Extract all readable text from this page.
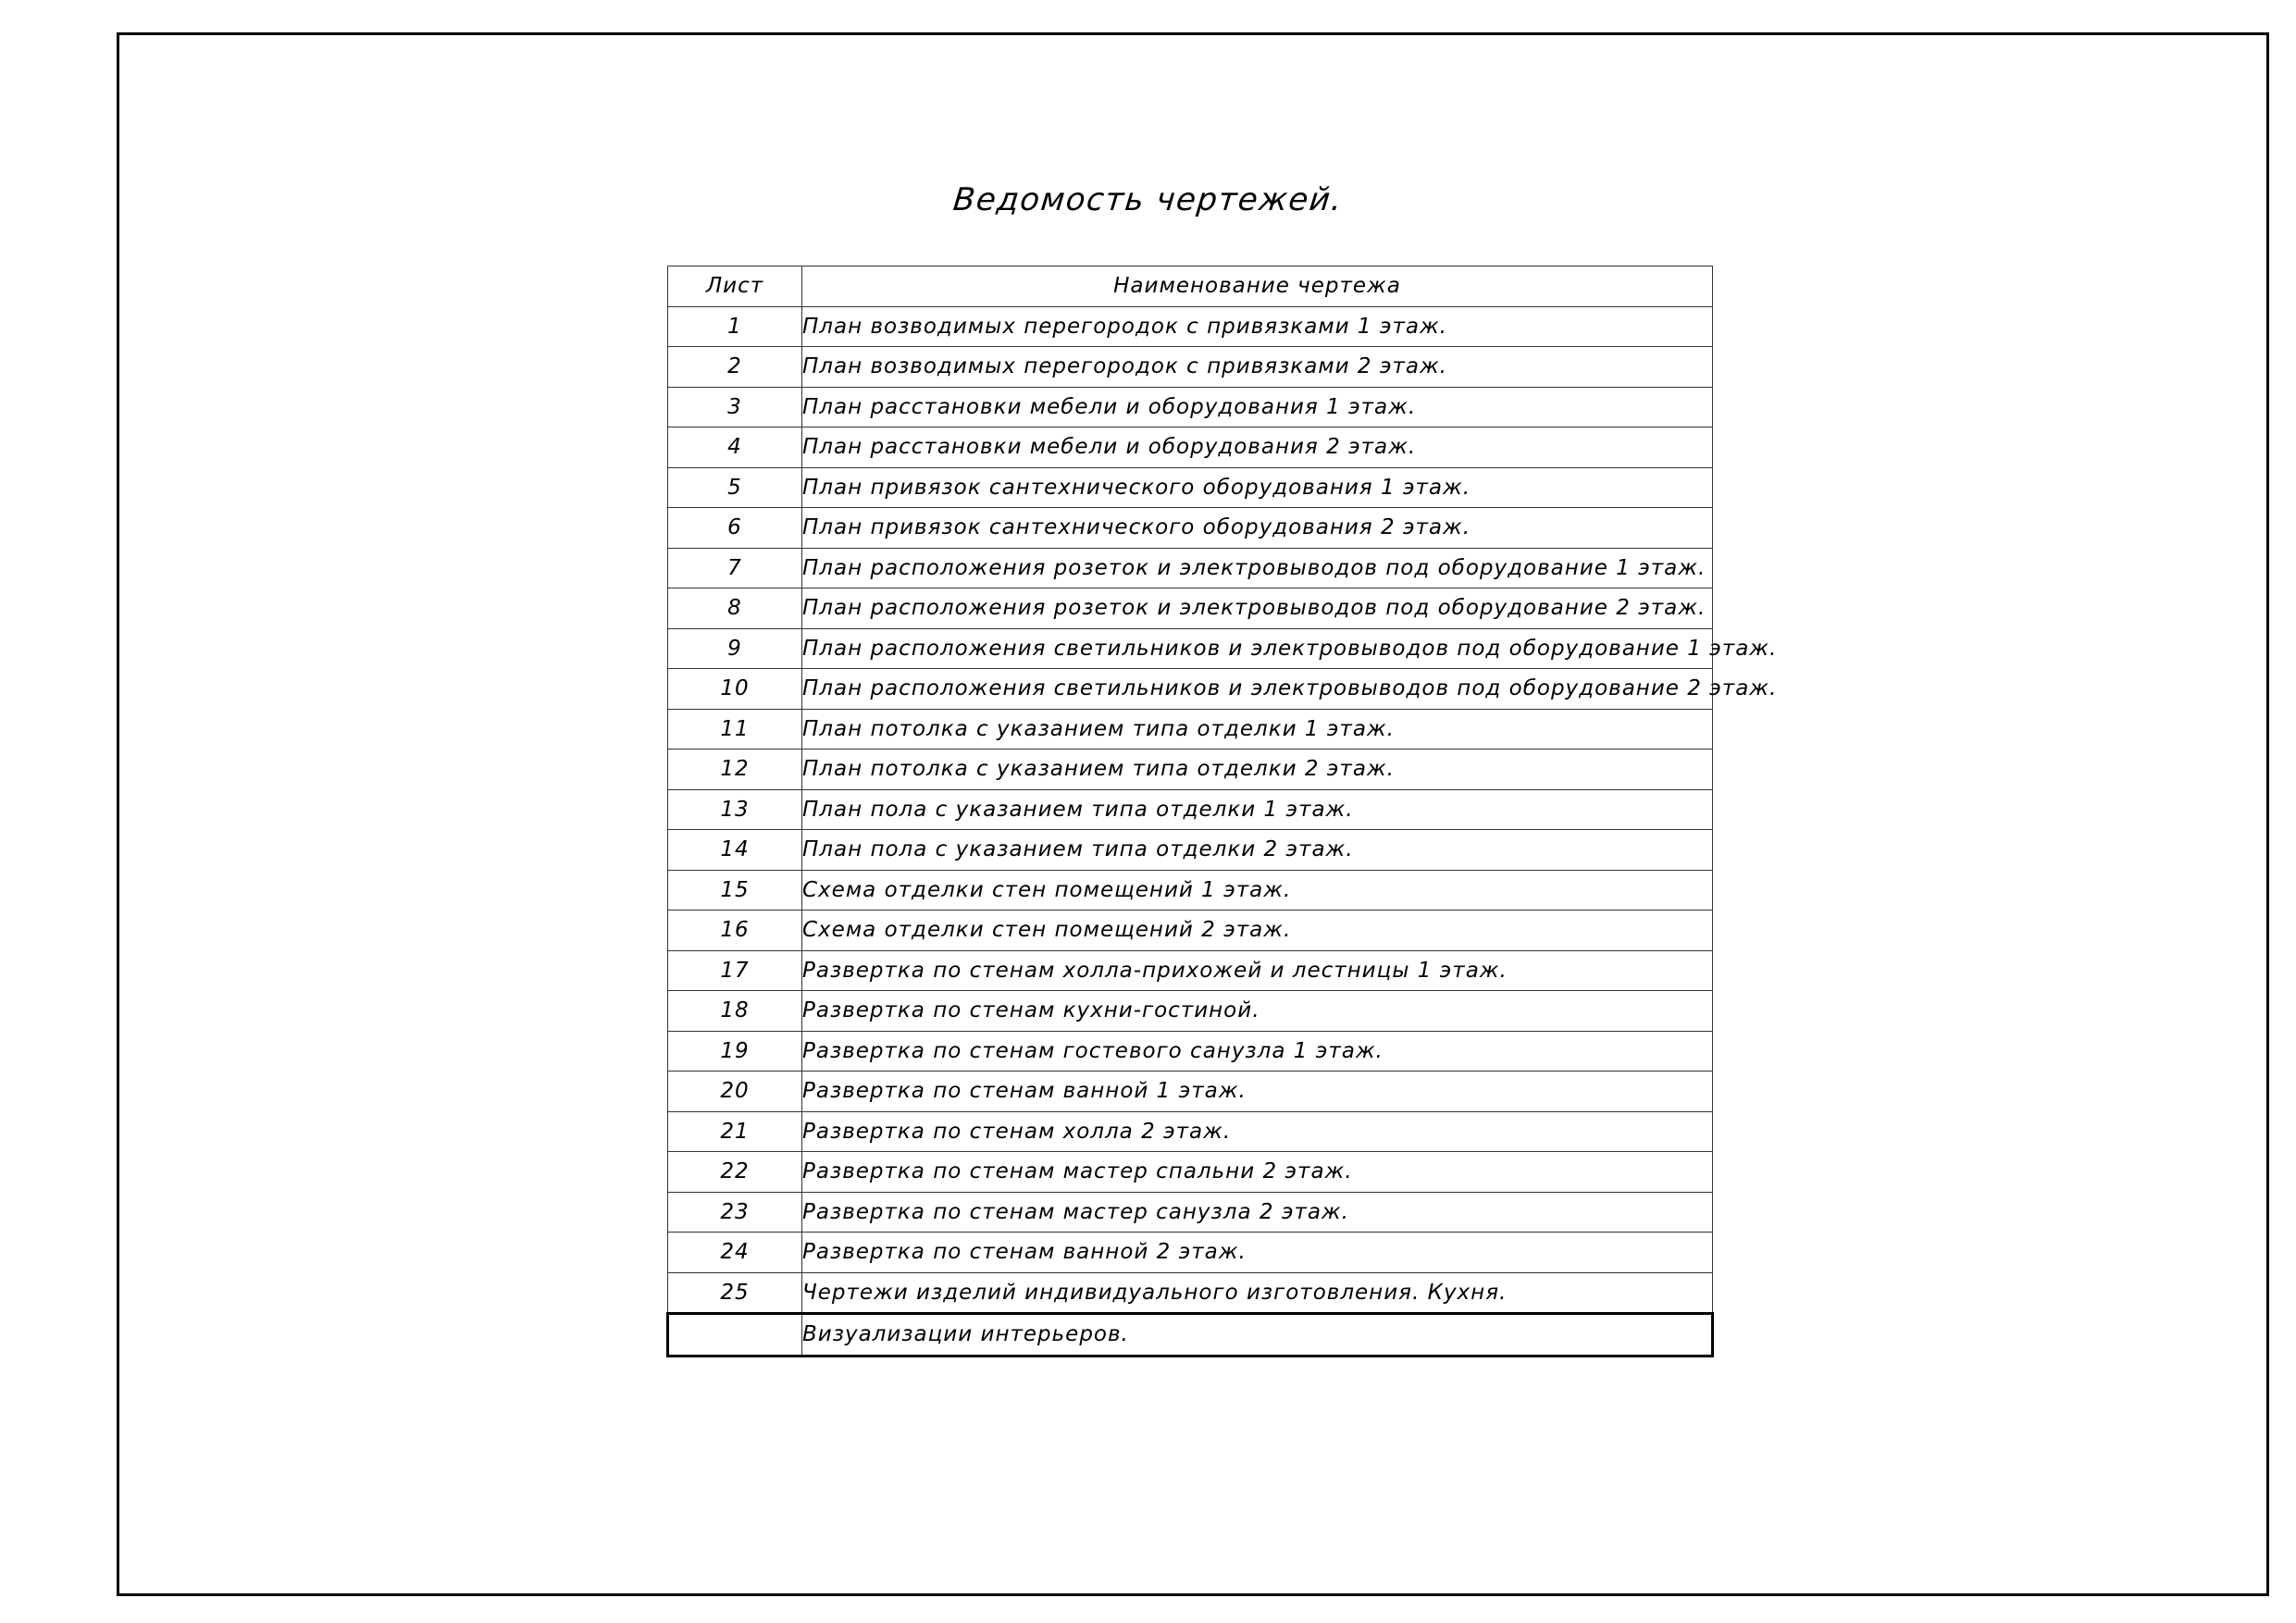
Ведомость чертежей.
Лист	Наименование чертежа
1	План возводимых перегородок с привязками 1 этаж.
2	План возводимых перегородок с привязками 2 этаж.
3	План расстановки мебели и оборудования 1 этаж.
4	План расстановки мебели и оборудования 2 этаж.
5	План привязок сантехнического оборудования 1 этаж.
6	План привязок сантехнического оборудования 2 этаж.
7	План расположения розеток и электровыводов под оборудование 1 этаж.
8	План расположения розеток и электровыводов под оборудование 2 этаж.
9	План расположения светильников и электровыводов под оборудование 1 этаж.
10	План расположения светильников и электровыводов под оборудование 2 этаж.
11	План потолка с указанием типа отделки 1 этаж.
12	План потолка с указанием типа отделки 2 этаж.
13	План пола с указанием типа отделки 1 этаж.
14	План пола с указанием типа отделки 2 этаж.
15	Схема отделки стен помещений 1 этаж.
16	Схема отделки стен помещений 2 этаж.
17	Развертка по стенам холла-прихожей и лестницы 1 этаж.
18	Развертка по стенам кухни-гостиной.
19	Развертка по стенам гостевого санузла 1 этаж.
20	Развертка по стенам ванной 1 этаж.
21	Развертка по стенам холла 2 этаж.
22	Развертка по стенам мастер спальни 2 этаж.
23	Развертка по стенам мастер санузла 2 этаж.
24	Развертка по стенам ванной 2 этаж.
25	Чертежи изделий индивидуального изготовления. Кухня.
	Визуализации интерьеров.
